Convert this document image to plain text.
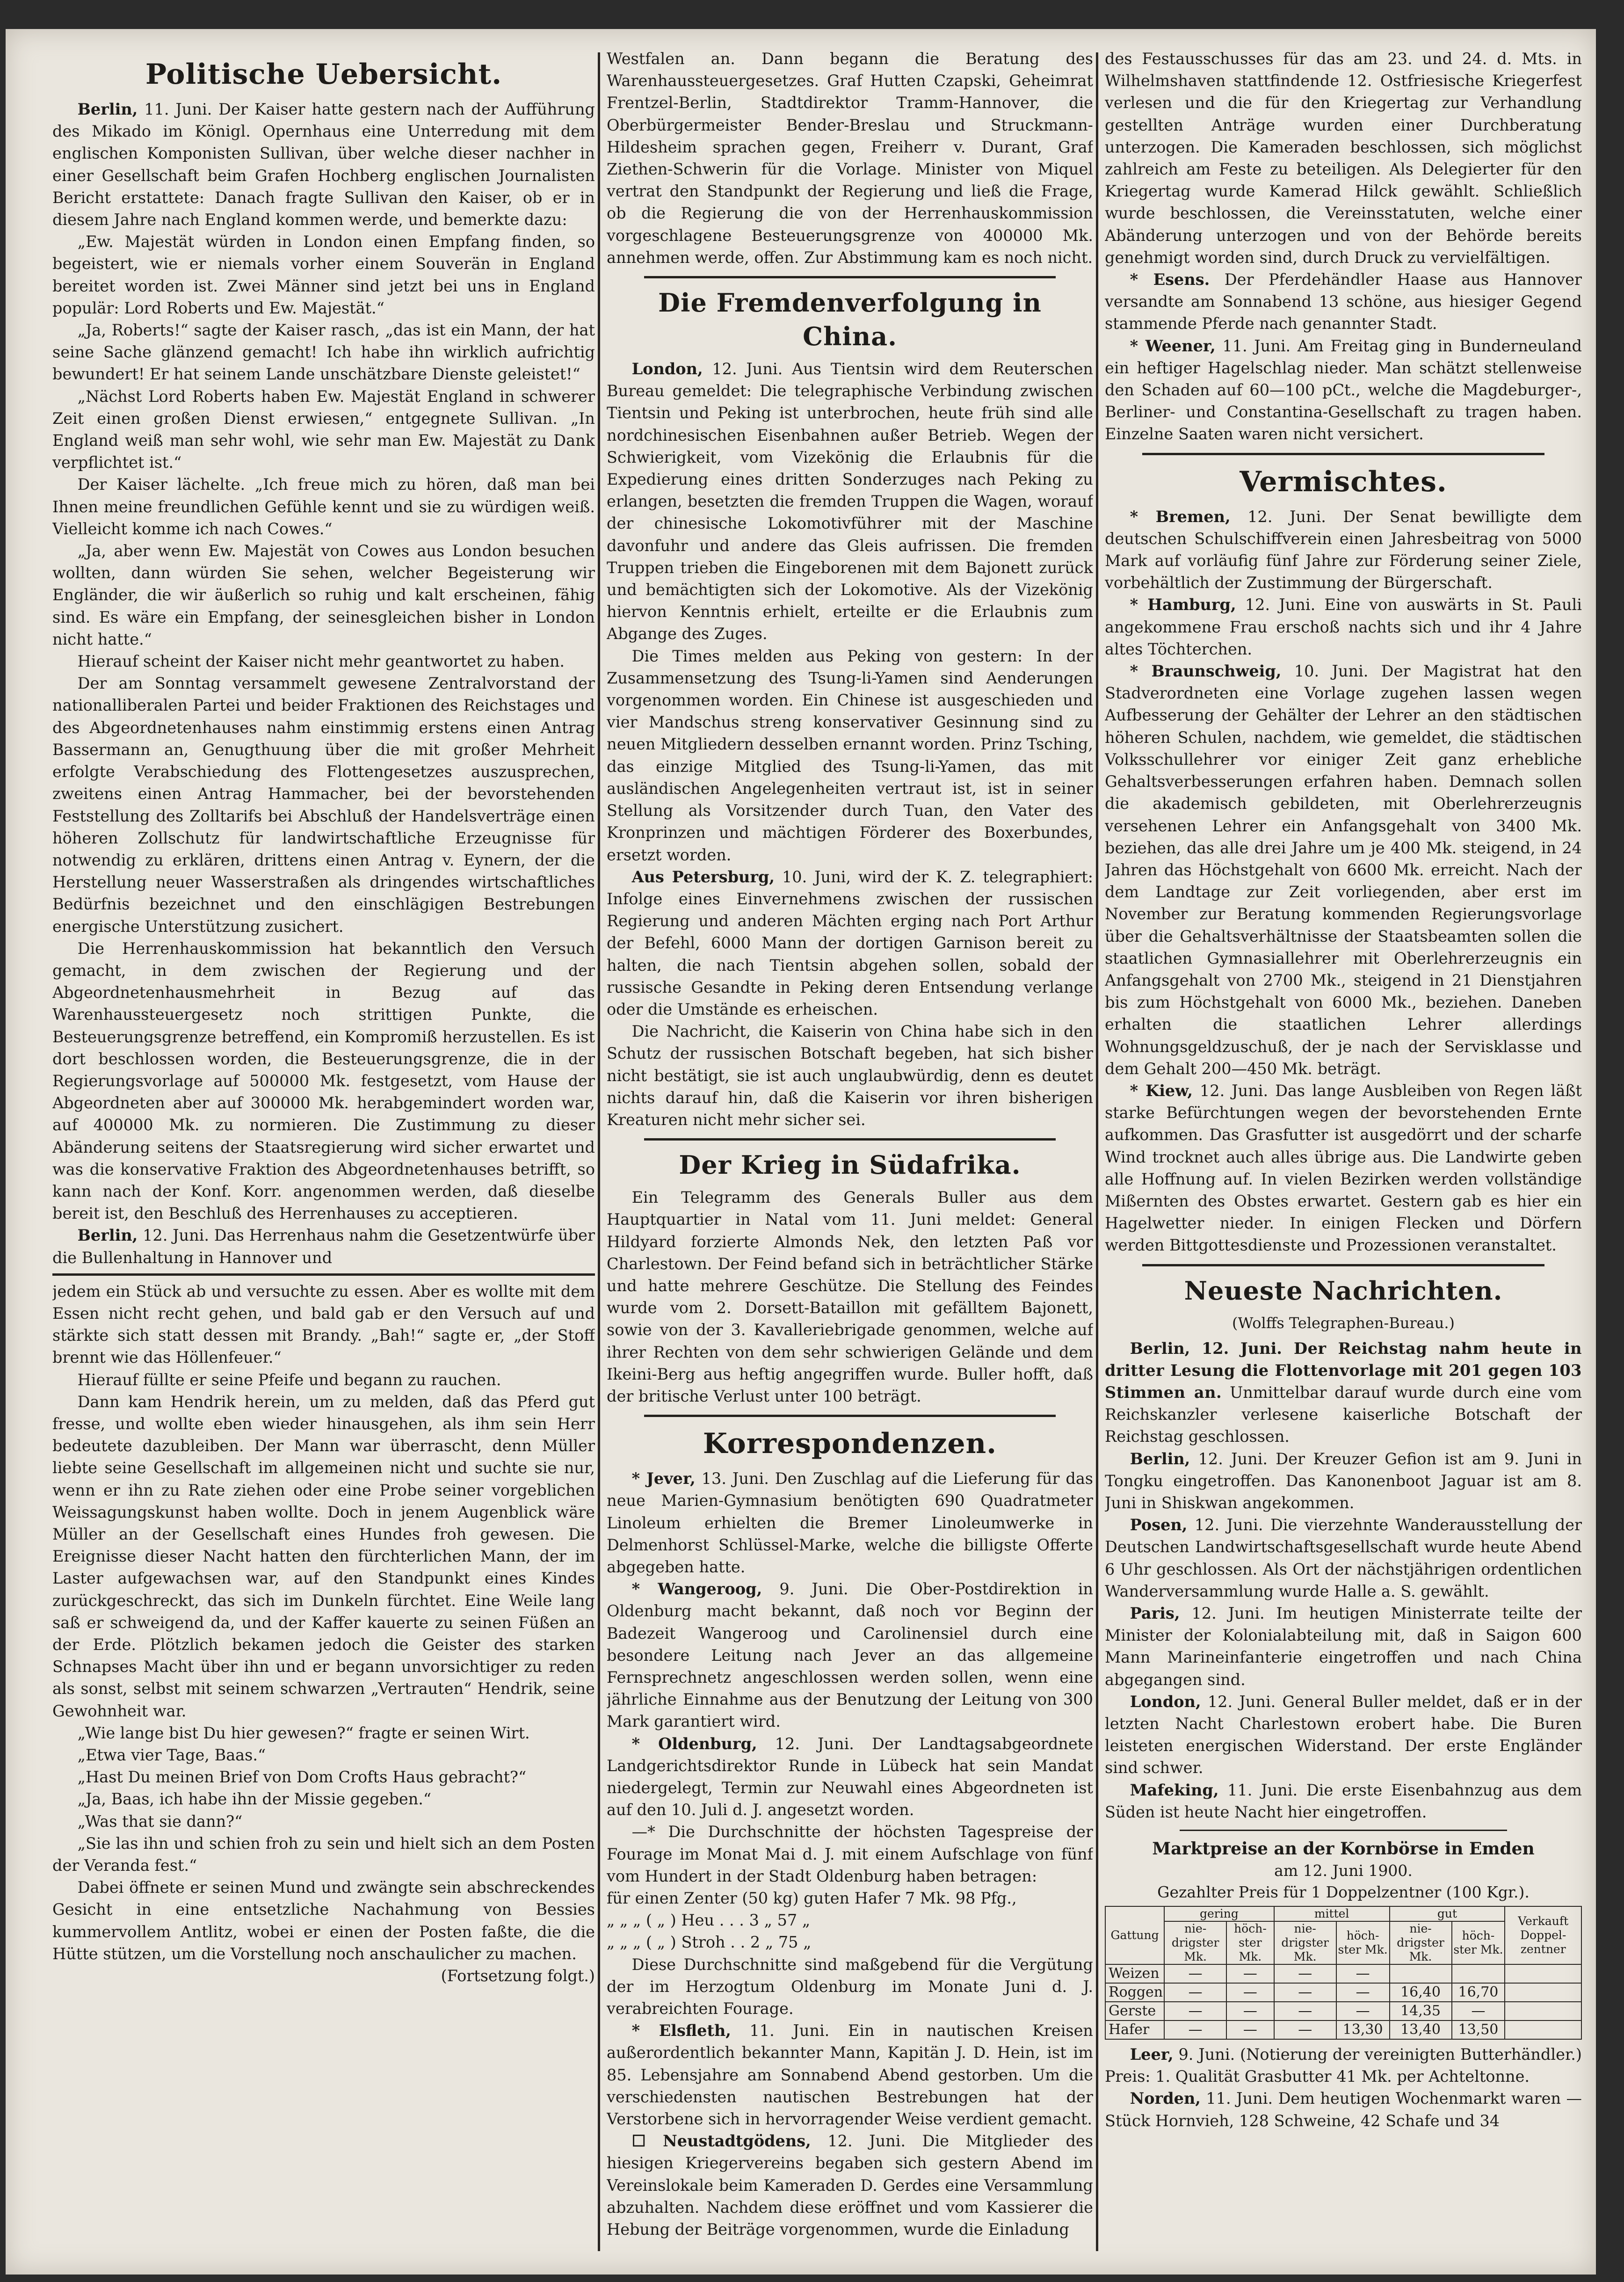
Politische Uebersicht.

Berlin, 11. Juni. Der Kaiser hatte gestern nach der Aufführung des Mikado im Königl. Opernhaus eine Unterredung mit dem englischen Komponisten Sullivan, über welche dieser nachher in einer Gesellschaft beim Grafen Hochberg englischen Journalisten Bericht erstattete: Danach fragte Sullivan den Kaiser, ob er in diesem Jahre nach England kommen werde, und bemerkte dazu:

„Ew. Majestät würden in London einen Empfang finden, so begeistert, wie er niemals vorher einem Souverän in England bereitet worden ist. Zwei Männer sind jetzt bei uns in England populär: Lord Roberts und Ew. Majestät.“

„Ja, Roberts!“ sagte der Kaiser rasch, „das ist ein Mann, der hat seine Sache glänzend gemacht! Ich habe ihn wirklich aufrichtig bewundert! Er hat seinem Lande unschätzbare Dienste geleistet!“

„Nächst Lord Roberts haben Ew. Majestät England in schwerer Zeit einen großen Dienst erwiesen,“ entgegnete Sullivan. „In England weiß man sehr wohl, wie sehr man Ew. Majestät zu Dank verpflichtet ist.“

Der Kaiser lächelte. „Ich freue mich zu hören, daß man bei Ihnen meine freundlichen Gefühle kennt und sie zu würdigen weiß. Vielleicht komme ich nach Cowes.“

„Ja, aber wenn Ew. Majestät von Cowes aus London besuchen wollten, dann würden Sie sehen, welcher Begeisterung wir Engländer, die wir äußerlich so ruhig und kalt erscheinen, fähig sind. Es wäre ein Empfang, der seinesgleichen bisher in London nicht hatte.“

Hierauf scheint der Kaiser nicht mehr geantwortet zu haben.

Der am Sonntag versammelt gewesene Zentralvorstand der nationalliberalen Partei und beider Fraktionen des Reichstages und des Abgeordnetenhauses nahm einstimmig erstens einen Antrag Bassermann an, Genugthuung über die mit großer Mehrheit erfolgte Verabschiedung des Flottengesetzes auszusprechen, zweitens einen Antrag Hammacher, bei der bevorstehenden Feststellung des Zolltarifs bei Abschluß der Handelsverträge einen höheren Zollschutz für landwirtschaftliche Erzeugnisse für notwendig zu erklären, drittens einen Antrag v. Eynern, der die Herstellung neuer Wasserstraßen als dringendes wirtschaftliches Bedürfnis bezeichnet und den einschlägigen Bestrebungen energische Unterstützung zusichert.

Die Herrenhauskommission hat bekanntlich den Versuch gemacht, in dem zwischen der Regierung und der Abgeordnetenhausmehrheit in Bezug auf das Warenhaussteuergesetz noch strittigen Punkte, die Besteuerungsgrenze betreffend, ein Kompromiß herzustellen. Es ist dort beschlossen worden, die Besteuerungsgrenze, die in der Regierungsvorlage auf 500000 Mk. festgesetzt, vom Hause der Abgeordneten aber auf 300000 Mk. herabgemindert worden war, auf 400000 Mk. zu normieren. Die Zustimmung zu dieser Abänderung seitens der Staatsregierung wird sicher erwartet und was die konservative Fraktion des Abgeordnetenhauses betrifft, so kann nach der Konf. Korr. angenommen werden, daß dieselbe bereit ist, den Beschluß des Herrenhauses zu acceptieren.

Berlin, 12. Juni. Das Herrenhaus nahm die Gesetzentwürfe über die Bullenhaltung in Hannover und

jedem ein Stück ab und versuchte zu essen. Aber es wollte mit dem Essen nicht recht gehen, und bald gab er den Versuch auf und stärkte sich statt dessen mit Brandy. „Bah!“ sagte er, „der Stoff brennt wie das Höllenfeuer.“

Hierauf füllte er seine Pfeife und begann zu rauchen.

Dann kam Hendrik herein, um zu melden, daß das Pferd gut fresse, und wollte eben wieder hinausgehen, als ihm sein Herr bedeutete dazubleiben. Der Mann war überrascht, denn Müller liebte seine Gesellschaft im allgemeinen nicht und suchte sie nur, wenn er ihn zu Rate ziehen oder eine Probe seiner vorgeblichen Weissagungskunst haben wollte. Doch in jenem Augenblick wäre Müller an der Gesellschaft eines Hundes froh gewesen. Die Ereignisse dieser Nacht hatten den fürchterlichen Mann, der im Laster aufgewachsen war, auf den Standpunkt eines Kindes zurückgeschreckt, das sich im Dunkeln fürchtet. Eine Weile lang saß er schweigend da, und der Kaffer kauerte zu seinen Füßen an der Erde. Plötzlich bekamen jedoch die Geister des starken Schnapses Macht über ihn und er begann unvorsichtiger zu reden als sonst, selbst mit seinem schwarzen „Vertrauten“ Hendrik, seine Gewohnheit war.

„Wie lange bist Du hier gewesen?“ fragte er seinen Wirt.

„Etwa vier Tage, Baas.“

„Hast Du meinen Brief von Dom Crofts Haus gebracht?“

„Ja, Baas, ich habe ihn der Missie gegeben.“

„Was that sie dann?“

„Sie las ihn und schien froh zu sein und hielt sich an dem Posten der Veranda fest.“

Dabei öffnete er seinen Mund und zwängte sein abschreckendes Gesicht in eine entsetzliche Nachahmung von Bessies kummervollem Antlitz, wobei er einen der Posten faßte, die die Hütte stützen, um die Vorstellung noch anschaulicher zu machen.

(Fortsetzung folgt.)

Westfalen an. Dann begann die Beratung des Warenhaussteuergesetzes. Graf Hutten Czapski, Geheimrat Frentzel-Berlin, Stadtdirektor Tramm-Hannover, die Oberbürgermeister Bender-Breslau und Struckmann-Hildesheim sprachen gegen, Freiherr v. Durant, Graf Ziethen-Schwerin für die Vorlage. Minister von Miquel vertrat den Standpunkt der Regierung und ließ die Frage, ob die Regierung die von der Herrenhauskommission vorgeschlagene Besteuerungsgrenze von 400000 Mk. annehmen werde, offen. Zur Abstimmung kam es noch nicht.

Die Fremdenverfolgung in China.

London, 12. Juni. Aus Tientsin wird dem Reuterschen Bureau gemeldet: Die telegraphische Verbindung zwischen Tientsin und Peking ist unterbrochen, heute früh sind alle nordchinesischen Eisenbahnen außer Betrieb. Wegen der Schwierigkeit, vom Vizekönig die Erlaubnis für die Expedierung eines dritten Sonderzuges nach Peking zu erlangen, besetzten die fremden Truppen die Wagen, worauf der chinesische Lokomotivführer mit der Maschine davonfuhr und andere das Gleis aufrissen. Die fremden Truppen trieben die Eingeborenen mit dem Bajonett zurück und bemächtigten sich der Lokomotive. Als der Vizekönig hiervon Kenntnis erhielt, erteilte er die Erlaubnis zum Abgange des Zuges.

Die Times melden aus Peking von gestern: In der Zusammensetzung des Tsung-li-Yamen sind Aenderungen vorgenommen worden. Ein Chinese ist ausgeschieden und vier Mandschus streng konservativer Gesinnung sind zu neuen Mitgliedern desselben ernannt worden. Prinz Tsching, das einzige Mitglied des Tsung-li-Yamen, das mit ausländischen Angelegenheiten vertraut ist, ist in seiner Stellung als Vorsitzender durch Tuan, den Vater des Kronprinzen und mächtigen Förderer des Boxerbundes, ersetzt worden.

Aus Petersburg, 10. Juni, wird der K. Z. telegraphiert: Infolge eines Einvernehmens zwischen der russischen Regierung und anderen Mächten erging nach Port Arthur der Befehl, 6000 Mann der dortigen Garnison bereit zu halten, die nach Tientsin abgehen sollen, sobald der russische Gesandte in Peking deren Entsendung verlange oder die Umstände es erheischen.

Die Nachricht, die Kaiserin von China habe sich in den Schutz der russischen Botschaft begeben, hat sich bisher nicht bestätigt, sie ist auch unglaubwürdig, denn es deutet nichts darauf hin, daß die Kaiserin vor ihren bisherigen Kreaturen nicht mehr sicher sei.

Der Krieg in Südafrika.

Ein Telegramm des Generals Buller aus dem Hauptquartier in Natal vom 11. Juni meldet: General Hildyard forzierte Almonds Nek, den letzten Paß vor Charlestown. Der Feind befand sich in beträchtlicher Stärke und hatte mehrere Geschütze. Die Stellung des Feindes wurde vom 2. Dorsett-Bataillon mit gefälltem Bajonett, sowie von der 3. Kavalleriebrigade genommen, welche auf ihrer Rechten von dem sehr schwierigen Gelände und dem Ikeini-Berg aus heftig angegriffen wurde. Buller hofft, daß der britische Verlust unter 100 beträgt.

Korrespondenzen.

* Jever, 13. Juni. Den Zuschlag auf die Lieferung für das neue Marien-Gymnasium benötigten 690 Quadratmeter Linoleum erhielten die Bremer Linoleumwerke in Delmenhorst Schlüssel-Marke, welche die billigste Offerte abgegeben hatte.

* Wangeroog, 9. Juni. Die Ober-Postdirektion in Oldenburg macht bekannt, daß noch vor Beginn der Badezeit Wangeroog und Carolinensiel durch eine besondere Leitung nach Jever an das allgemeine Fernsprechnetz angeschlossen werden sollen, wenn eine jährliche Einnahme aus der Benutzung der Leitung von 300 Mark garantiert wird.

* Oldenburg, 12. Juni. Der Landtagsabgeordnete Landgerichtsdirektor Runde in Lübeck hat sein Mandat niedergelegt, Termin zur Neuwahl eines Abgeordneten ist auf den 10. Juli d. J. angesetzt worden.

—* Die Durchschnitte der höchsten Tagespreise der Fourage im Monat Mai d. J. mit einem Aufschlage von fünf vom Hundert in der Stadt Oldenburg haben betragen:

für einen Zenter (50 kg) guten Hafer 7 Mk. 98 Pfg.,

„ „ „ ( „ ) Heu . . . 3 „ 57 „

„ „ „ ( „ ) Stroh . . 2 „ 75 „

Diese Durchschnitte sind maßgebend für die Vergütung der im Herzogtum Oldenburg im Monate Juni d. J. verabreichten Fourage.

* Elsfleth, 11. Juni. Ein in nautischen Kreisen außerordentlich bekannter Mann, Kapitän J. D. Hein, ist im 85. Lebensjahre am Sonnabend Abend gestorben. Um die verschiedensten nautischen Bestrebungen hat der Verstorbene sich in hervorragender Weise verdient gemacht.

☐ Neustadtgödens, 12. Juni. Die Mitglieder des hiesigen Kriegervereins begaben sich gestern Abend im Vereinslokale beim Kameraden D. Gerdes eine Versammlung abzuhalten. Nachdem diese eröffnet und vom Kassierer die Hebung der Beiträge vorgenommen, wurde die Einladung

des Festausschusses für das am 23. und 24. d. Mts. in Wilhelmshaven stattfindende 12. Ostfriesische Kriegerfest verlesen und die für den Kriegertag zur Verhandlung gestellten Anträge wurden einer Durchberatung unterzogen. Die Kameraden beschlossen, sich möglichst zahlreich am Feste zu beteiligen. Als Delegierter für den Kriegertag wurde Kamerad Hilck gewählt. Schließlich wurde beschlossen, die Vereinsstatuten, welche einer Abänderung unterzogen und von der Behörde bereits genehmigt worden sind, durch Druck zu vervielfältigen.

* Esens. Der Pferdehändler Haase aus Hannover versandte am Sonnabend 13 schöne, aus hiesiger Gegend stammende Pferde nach genannter Stadt.

* Weener, 11. Juni. Am Freitag ging in Bunderneuland ein heftiger Hagelschlag nieder. Man schätzt stellenweise den Schaden auf 60—100 pCt., welche die Magdeburger-, Berliner- und Constantina-Gesellschaft zu tragen haben. Einzelne Saaten waren nicht versichert.

Vermischtes.

* Bremen, 12. Juni. Der Senat bewilligte dem deutschen Schulschiffverein einen Jahresbeitrag von 5000 Mark auf vorläufig fünf Jahre zur Förderung seiner Ziele, vorbehältlich der Zustimmung der Bürgerschaft.

* Hamburg, 12. Juni. Eine von auswärts in St. Pauli angekommene Frau erschoß nachts sich und ihr 4 Jahre altes Töchterchen.

* Braunschweig, 10. Juni. Der Magistrat hat den Stadverordneten eine Vorlage zugehen lassen wegen Aufbesserung der Gehälter der Lehrer an den städtischen höheren Schulen, nachdem, wie gemeldet, die städtischen Volksschullehrer vor einiger Zeit ganz erhebliche Gehaltsverbesserungen erfahren haben. Demnach sollen die akademisch gebildeten, mit Oberlehrerzeugnis versehenen Lehrer ein Anfangsgehalt von 3400 Mk. beziehen, das alle drei Jahre um je 400 Mk. steigend, in 24 Jahren das Höchstgehalt von 6600 Mk. erreicht. Nach der dem Landtage zur Zeit vorliegenden, aber erst im November zur Beratung kommenden Regierungsvorlage über die Gehaltsverhältnisse der Staatsbeamten sollen die staatlichen Gymnasiallehrer mit Oberlehrerzeugnis ein Anfangsgehalt von 2700 Mk., steigend in 21 Dienstjahren bis zum Höchstgehalt von 6000 Mk., beziehen. Daneben erhalten die staatlichen Lehrer allerdings Wohnungsgeldzuschuß, der je nach der Servisklasse und dem Gehalt 200—450 Mk. beträgt.

* Kiew, 12. Juni. Das lange Ausbleiben von Regen läßt starke Befürchtungen wegen der bevorstehenden Ernte aufkommen. Das Grasfutter ist ausgedörrt und der scharfe Wind trocknet auch alles übrige aus. Die Landwirte geben alle Hoffnung auf. In vielen Bezirken werden vollständige Mißernten des Obstes erwartet. Gestern gab es hier ein Hagelwetter nieder. In einigen Flecken und Dörfern werden Bittgottesdienste und Prozessionen veranstaltet.

Neueste Nachrichten.
(Wolffs Telegraphen-Bureau.)

Berlin, 12. Juni. Der Reichstag nahm heute in dritter Lesung die Flottenvorlage mit 201 gegen 103 Stimmen an. Unmittelbar darauf wurde durch eine vom Reichskanzler verlesene kaiserliche Botschaft der Reichstag geschlossen.

Berlin, 12. Juni. Der Kreuzer Gefion ist am 9. Juni in Tongku eingetroffen. Das Kanonenboot Jaguar ist am 8. Juni in Shiskwan angekommen.

Posen, 12. Juni. Die vierzehnte Wanderausstellung der Deutschen Landwirtschaftsgesellschaft wurde heute Abend 6 Uhr geschlossen. Als Ort der nächstjährigen ordentlichen Wanderversammlung wurde Halle a. S. gewählt.

Paris, 12. Juni. Im heutigen Ministerrate teilte der Minister der Kolonialabteilung mit, daß in Saigon 600 Mann Marineinfanterie eingetroffen und nach China abgegangen sind.

London, 12. Juni. General Buller meldet, daß er in der letzten Nacht Charlestown erobert habe. Die Buren leisteten energischen Widerstand. Der erste Engländer sind schwer.

Mafeking, 11. Juni. Die erste Eisenbahnzug aus dem Süden ist heute Nacht hier eingetroffen.

Marktpreise an der Kornbörse in Emden
am 12. Juni 1900.
Gezahlter Preis für 1 Doppelzentner (100 Kgr.).
Gattung	gering		mittel		gut		Verkauft Doppel-zentner
	nie-drigster Mk.	höch-ster Mk.	nie-drigster Mk.	höch-ster Mk.	nie-drigster Mk.	höch-ster Mk.	
Weizen	—	—	—	—			
Roggen	—	—	—	—	16,40	16,70	
Gerste	—	—	—	—	14,35	—	
Hafer	—	—	—	13,30	13,40	13,50	

Leer, 9. Juni. (Notierung der vereinigten Butterhändler.) Preis: 1. Qualität Grasbutter 41 Mk. per Achteltonne.

Norden, 11. Juni. Dem heutigen Wochenmarkt waren — Stück Hornvieh, 128 Schweine, 42 Schafe und 34
